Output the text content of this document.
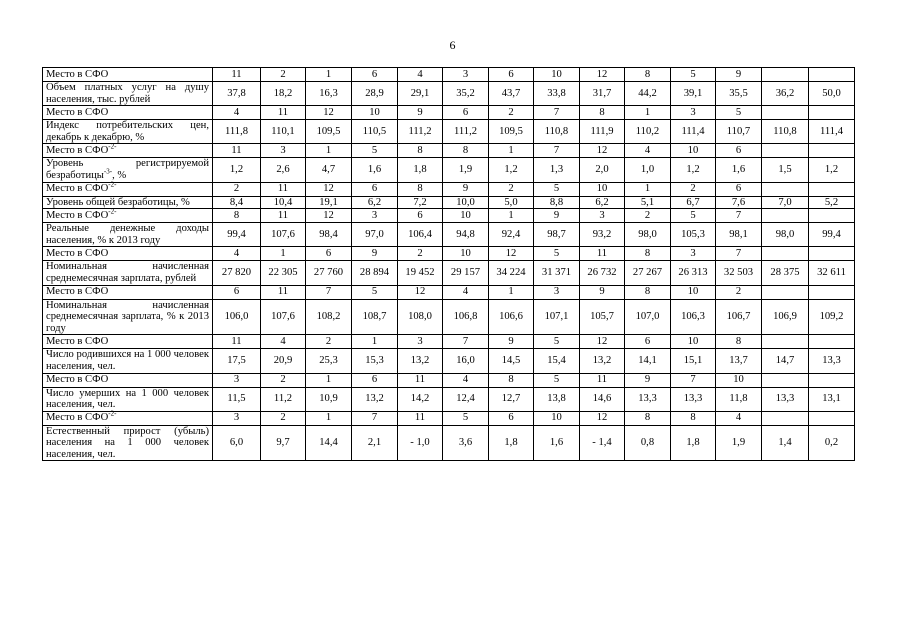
6
Место в СФО	11	2	1	6	4	3	6	10	12	8	5	9		
Объем платных услуг на душу населения, тыс. рублей	37,8	18,2	16,3	28,9	29,1	35,2	43,7	33,8	31,7	44,2	39,1	35,5	36,2	50,0
Место в СФО	4	11	12	10	9	6	2	7	8	1	3	5		
Индекс потребительских цен, декабрь к декабрю, %	111,8	110,1	109,5	110,5	111,2	111,2	109,5	110,8	111,9	110,2	111,4	110,7	110,8	111,4
Место в $СФО^{-2-}$	11	3	1	5	8	8	1	7	12	4	10	6		
Уровень регистрируемой безработицы$^{-3-}$, %	1,2	2,6	4,7	1,6	1,8	1,9	1,2	1,3	2,0	1,0	1,2	1,6	1,5	1,2
Место в $СФО^{-2-}$	2	11	12	6	8	9	2	5	10	1	2	6		
Уровень общей безработицы, %	8,4	10,4	19,1	6,2	7,2	10,0	5,0	8,8	6,2	5,1	6,7	7,6	7,0	5,2
Место в $СФО^{-2-}$	8	11	12	3	6	10	1	9	3	2	5	7		
Реальные денежные доходы населения, % к 2013 году	99,4	107,6	98,4	97,0	106,4	94,8	92,4	98,7	93,2	98,0	105,3	98,1	98,0	99,4
Место в СФО	4	1	6	9	2	10	12	5	11	8	3	7		
Номинальная начисленная среднемесячная зарплата, рублей	27 820	22 305	27 760	28 894	19 452	29 157	34 224	31 371	26 732	27 267	26 313	32 503	28 375	32 611
Место в СФО	6	11	7	5	12	4	1	3	9	8	10	2		
Номинальная начисленная среднемесячная зарплата, % к 2013 году	106,0	107,6	108,2	108,7	108,0	106,8	106,6	107,1	105,7	107,0	106,3	106,7	106,9	109,2
Место в СФО	11	4	2	1	3	7	9	5	12	6	10	8		
Число родившихся на 1 000 человек населения, чел.	17,5	20,9	25,3	15,3	13,2	16,0	14,5	15,4	13,2	14,1	15,1	13,7	14,7	13,3
Место в СФО	3	2	1	6	11	4	8	5	11	9	7	10		
Число умерших на 1 000 человек населения, чел.	11,5	11,2	10,9	13,2	14,2	12,4	12,7	13,8	14,6	13,3	13,3	11,8	13,3	13,1
Место в $СФО^{-2-}$	3	2	1	7	11	5	6	10	12	8	8	4		
Естественный прирост (убыль) населения на 1 000 человек населения, чел.	6,0	9,7	14,4	2,1	- 1,0	3,6	1,8	1,6	- 1,4	0,8	1,8	1,9	1,4	0,2
